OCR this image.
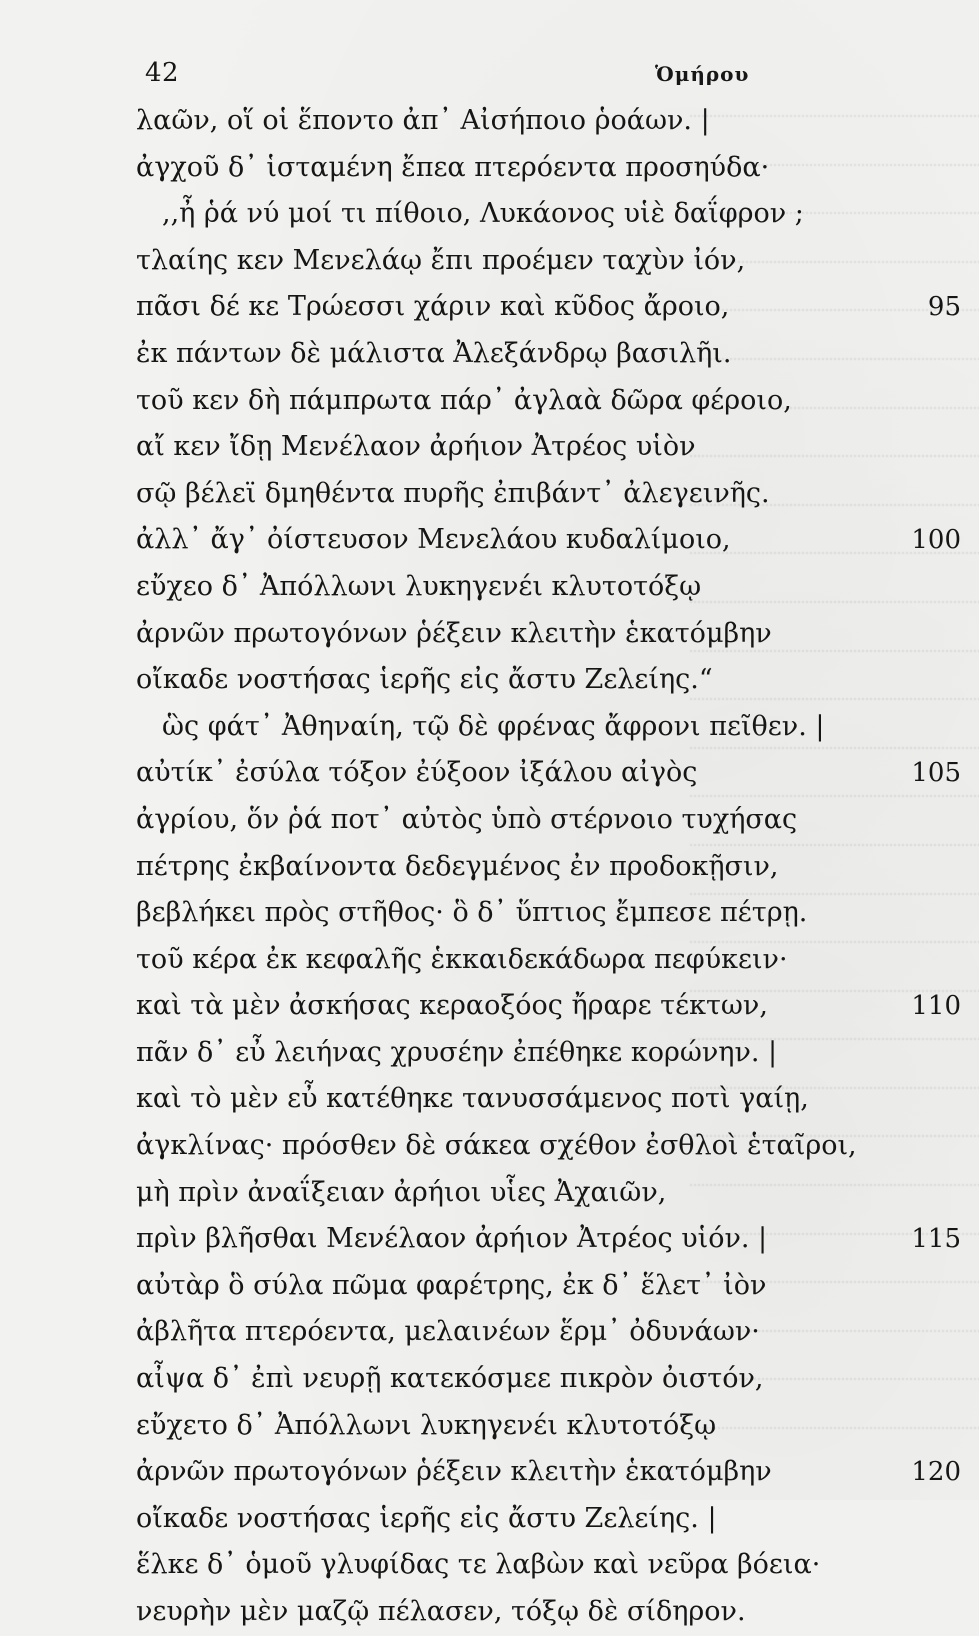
42	Ὁμήρου
λαῶν, οἵ οἱ ἕποντο ἀπ᾽ Αἰσήποιο ῥοάων. |
ἀγχοῦ δ᾽ ἱσταμένη ἔπεα πτερόεντα προσηύδα·
,,ἦ ῥά νύ μοί τι πίθοιο, Λυκάονος υἱὲ δαΐφρον ;
τλαίης κεν Μενελάῳ ἔπι προέμεν ταχὺν ἰόν,
πᾶσι δέ κε Τρώεσσι χάριν καὶ κῦδος ἄροιο,	95
ἐκ πάντων δὲ μάλιστα Ἀλεξάνδρῳ βασιλῆι.
τοῦ κεν δὴ πάμπρωτα πάρ᾽ ἀγλαὰ δῶρα φέροιο,
αἴ κεν ἴδῃ Μενέλαον ἀρήιον Ἀτρέος υἱὸν
σῷ βέλεϊ δμηθέντα πυρῆς ἐπιβάντ᾽ ἀλεγεινῆς.
ἀλλ᾽ ἄγ᾽ ὀίστευσον Μενελάου κυδαλίμοιο,	100
εὔχεο δ᾽ Ἀπόλλωνι λυκηγενέι κλυτοτόξῳ
ἀρνῶν πρωτογόνων ῥέξειν κλειτὴν ἑκατόμβην
οἴκαδε νοστήσας ἱερῆς εἰς ἄστυ Ζελείης.“
ὣς φάτ᾽ Ἀθηναίη, τῷ δὲ φρένας ἄφρονι πεῖθεν. |
αὐτίκ᾽ ἐσύλα τόξον ἐύξοον ἰξάλου αἰγὸς	105
ἀγρίου, ὅν ῥά ποτ᾽ αὐτὸς ὑπὸ στέρνοιο τυχήσας
πέτρης ἐκβαίνοντα δεδεγμένος ἐν προδοκῇσιν,
βεβλήκει πρὸς στῆθος· ὃ δ᾽ ὕπτιος ἔμπεσε πέτρῃ.
τοῦ κέρα ἐκ κεφαλῆς ἑκκαιδεκάδωρα πεφύκειν·
καὶ τὰ μὲν ἀσκήσας κεραοξόος ἤραρε τέκτων,	110
πᾶν δ᾽ εὖ λειήνας χρυσέην ἐπέθηκε κορώνην. |
καὶ τὸ μὲν εὖ κατέθηκε τανυσσάμενος ποτὶ γαίῃ,
ἀγκλίνας· πρόσθεν δὲ σάκεα σχέθον ἐσθλοὶ ἑταῖροι,
μὴ πρὶν ἀναΐξειαν ἀρήιοι υἷες Ἀχαιῶν,
πρὶν βλῆσθαι Μενέλαον ἀρήιον Ἀτρέος υἱόν. |	115
αὐτὰρ ὃ σύλα πῶμα φαρέτρης, ἐκ δ᾽ ἕλετ᾽ ἰὸν
ἀβλῆτα πτερόεντα, μελαινέων ἕρμ᾽ ὀδυνάων·
αἶψα δ᾽ ἐπὶ νευρῇ κατεκόσμεε πικρὸν ὀιστόν,
εὔχετο δ᾽ Ἀπόλλωνι λυκηγενέι κλυτοτόξῳ
ἀρνῶν πρωτογόνων ῥέξειν κλειτὴν ἑκατόμβην	120
οἴκαδε νοστήσας ἱερῆς εἰς ἄστυ Ζελείης. |
ἕλκε δ᾽ ὁμοῦ γλυφίδας τε λαβὼν καὶ νεῦρα βόεια·
νευρὴν μὲν μαζῷ πέλασεν, τόξῳ δὲ σίδηρον.
